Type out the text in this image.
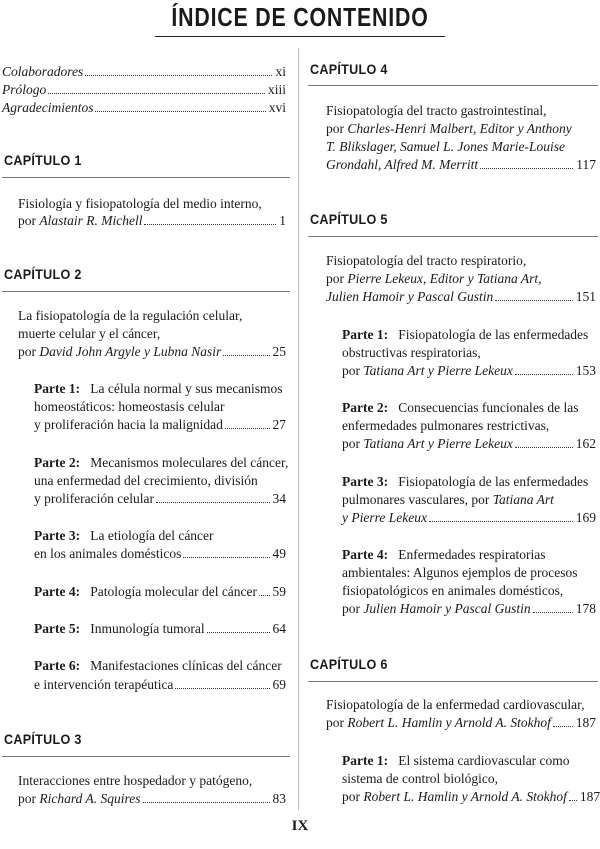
ÍNDICE DE CONTENIDO
Colaboradores	xi
Prólogo	xiii
Agradecimientos	xvi
CAPÍTULO 1
Fisiología y fisiopatología del medio interno,
por Alastair R. Michell	1
CAPÍTULO 2
La fisiopatología de la regulación celular,
muerte celular y el cáncer,
por David John Argyle y Lubna Nasir	25
Parte 1: La célula normal y sus mecanismos
homeostáticos: homeostasis celular
y proliferación hacia la malignidad	27
Parte 2: Mecanismos moleculares del cáncer,
una enfermedad del crecimiento, división
y proliferación celular	34
Parte 3: La etiología del cáncer
en los animales domésticos	49
Parte 4: Patología molecular del cáncer 59
Parte 5: Inmunología tumoral	64
Parte 6: Manifestaciones clínicas del cáncer
e intervención terapéutica	69
CAPÍTULO 3
Interacciones entre hospedador y patógeno,
por Richard A. Squires	83
CAPÍTULO 4
Fisiopatología del tracto gastrointestinal,
por Charles-Henri Malbert, Editor y Anthony
T. Blikslager, Samuel L. Jones Marie-Louise
Grondahl, Alfred M. Merritt	117
CAPÍTULO 5
Fisiopatología del tracto respiratorio,
por Pierre Lekeux, Editor y Tatiana Art,
Julien Hamoir y Pascal Gustin	151
Parte 1: Fisiopatología de las enfermedades
obstructivas respiratorias,
por Tatiana Art y Pierre Lekeux	153
Parte 2: Consecuencias funcionales de las
enfermedades pulmonares restrictivas,
por Tatiana Art y Pierre Lekeux	162
Parte 3: Fisiopatología de las enfermedades
pulmonares vasculares, por Tatiana Art
y Pierre Lekeux	169
Parte 4: Enfermedades respiratorias
ambientales: Algunos ejemplos de procesos
fisiopatológicos en animales domésticos,
por Julien Hamoir y Pascal Gustin	178
CAPÍTULO 6
Fisiopatología de la enfermedad cardiovascular,
por Robert L. Hamlin y Arnold A. Stokhof 187
Parte 1: El sistema cardiovascular como
sistema de control biológico,
por Robert L. Hamlin y Arnold A. Stokhof 187
IX
